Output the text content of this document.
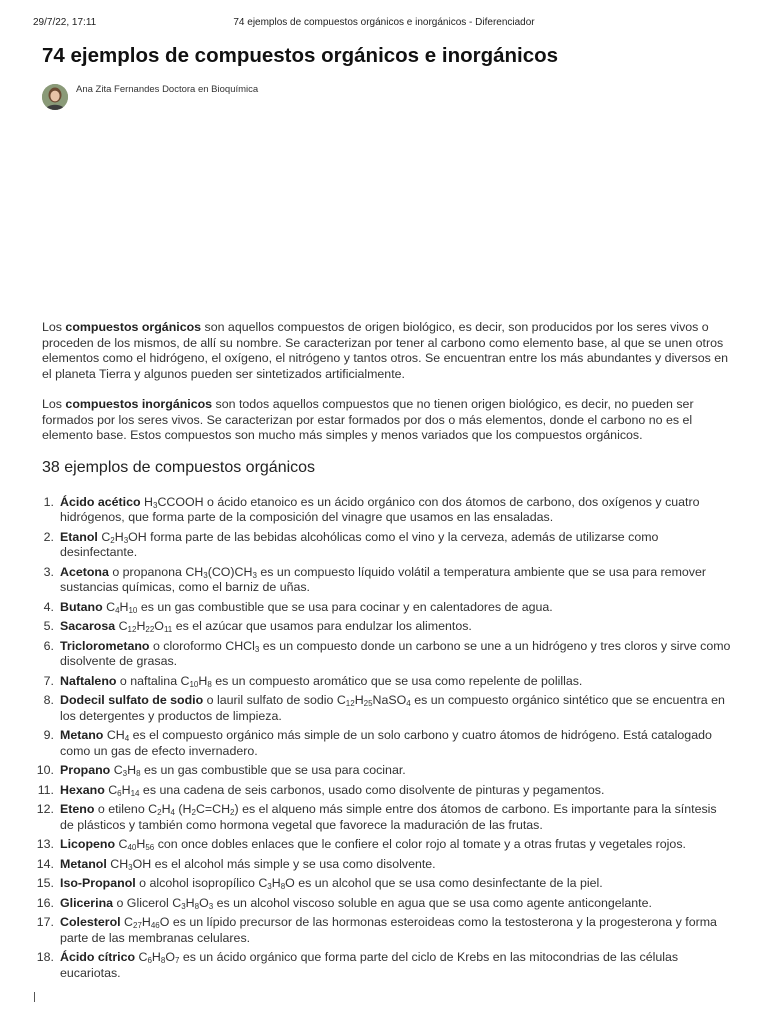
29/7/22, 17:11	74 ejemplos de compuestos orgánicos e inorgánicos - Diferenciador
74 ejemplos de compuestos orgánicos e inorgánicos
Ana Zita Fernandes Doctora en Bioquímica

Los compuestos orgánicos son aquellos compuestos de origen biológico, es decir, son producidos por los seres vivos o proceden de los mismos, de allí su nombre. Se caracterizan por tener al carbono como elemento base, al que se unen otros elementos como el hidrógeno, el oxígeno, el nitrógeno y tantos otros. Se encuentran entre los más abundantes y diversos en el planeta Tierra y algunos pueden ser sintetizados artificialmente.

Los compuestos inorgánicos son todos aquellos compuestos que no tienen origen biológico, es decir, no pueden ser formados por los seres vivos. Se caracterizan por estar formados por dos o más elementos, donde el carbono no es el elemento base. Estos compuestos son mucho más simples y menos variados que los compuestos orgánicos.

38 ejemplos de compuestos orgánicos
1. Ácido acético $H_3CCOOH$ o ácido etanoico es un ácido orgánico con dos átomos de carbono, dos oxígenos y cuatro hidrógenos, que forma parte de la composición del vinagre que usamos en las ensaladas.
2. Etanol $C_2H_3OH$ forma parte de las bebidas alcohólicas como el vino y la cerveza, además de utilizarse como desinfectante.
3. Acetona o propanona $CH_3(CO)CH_3$ es un compuesto líquido volátil a temperatura ambiente que se usa para remover sustancias químicas, como el barniz de uñas.
4. Butano $C_4H_{10}$ es un gas combustible que se usa para cocinar y en calentadores de agua.
5. Sacarosa $C_{12}H_{22}O_{11}$ es el azúcar que usamos para endulzar los alimentos.
6. Triclorometano o cloroformo CHCl$_3$ es un compuesto donde un carbono se une a un hidrógeno y tres cloros y sirve como disolvente de grasas.
7. Naftaleno o naftalina $C_{10}H_8$ es un compuesto aromático que se usa como repelente de polillas.
8. Dodecil sulfato de sodio o lauril sulfato de sodio $C_{12}H_{25}NaSO_4$ es un compuesto orgánico sintético que se encuentra en los detergentes y productos de limpieza.
9. Metano $CH_4$ es el compuesto orgánico más simple de un solo carbono y cuatro átomos de hidrógeno. Está catalogado como un gas de efecto invernadero.
10. Propano $C_3H_8$ es un gas combustible que se usa para cocinar.
11. Hexano $C_6H_{14}$ es una cadena de seis carbonos, usado como disolvente de pinturas y pegamentos.
12. Eteno o etileno $C_2H_4$ $(H_2C=CH_2)$ es el alqueno más simple entre dos átomos de carbono. Es importante para la síntesis de plásticos y también como hormona vegetal que favorece la maduración de las frutas.
13. Licopeno $C_{40}H_{56}$ con once dobles enlaces que le confiere el color rojo al tomate y a otras frutas y vegetales rojos.
14. Metanol $CH_3OH$ es el alcohol más simple y se usa como disolvente.
15. Iso-Propanol o alcohol isopropílico $C_3H_8O$ es un alcohol que se usa como desinfectante de la piel.
16. Glicerina o Glicerol $C_3H_8O_3$ es un alcohol viscoso soluble en agua que se usa como agente anticongelante.
17. Colesterol $C_{27}H_{46}O$ es un lípido precursor de las hormonas esteroideas como la testosterona y la progesterona y forma parte de las membranas celulares.
18. Ácido cítrico $C_6H_8O_7$ es un ácido orgánico que forma parte del ciclo de Krebs en las mitocondrias de las células eucariotas.
